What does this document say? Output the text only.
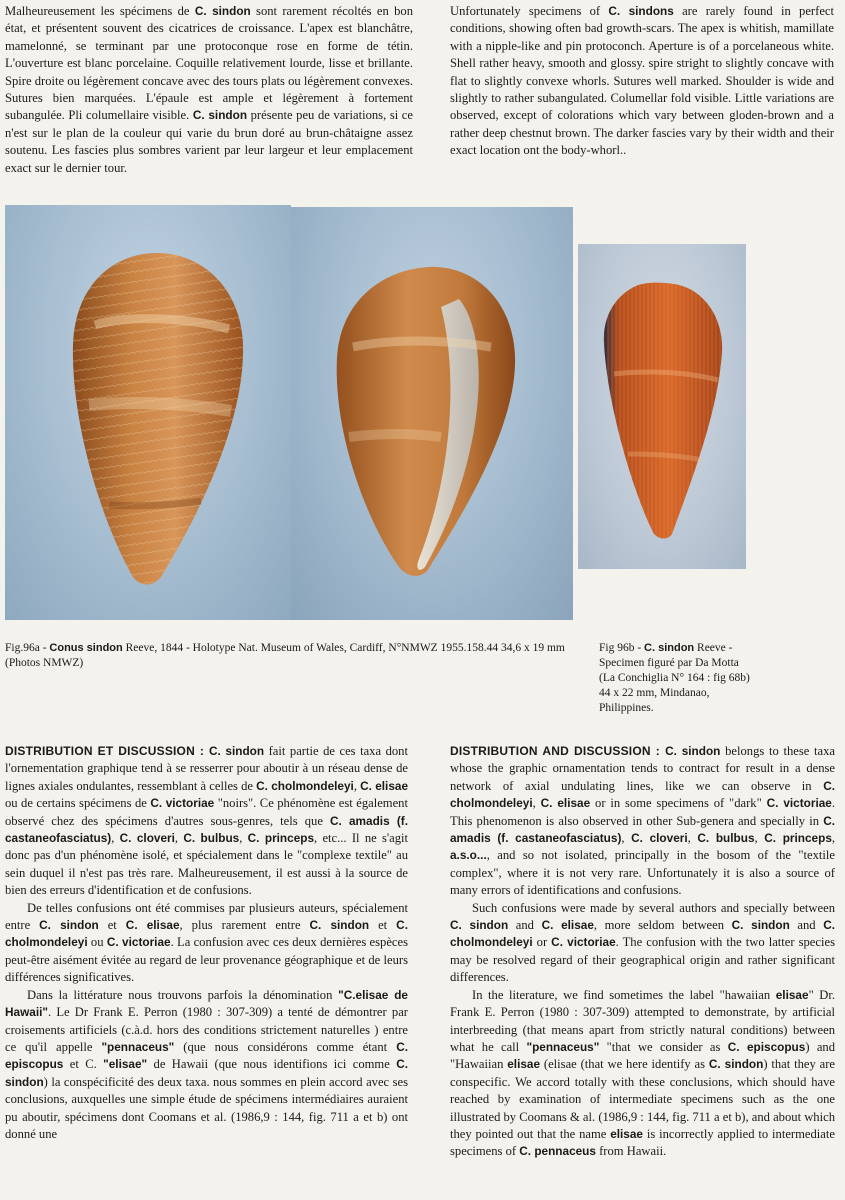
Malheureusement les spécimens de C. sindon sont rarement récoltés en bon état, et présentent souvent des cicatrices de croissance. L'apex est blanchâtre, mamelonné, se terminant par une protoconque rose en forme de tétin. L'ouverture est blanc porcelaine. Coquille relativement lourde, lisse et brillante. Spire droite ou légèrement concave avec des tours plats ou légèrement convexes. Sutures bien marquées. L'épaule est ample et légèrement à fortement subangulée. Pli columellaire visible. C. sindon présente peu de variations, si ce n'est sur le plan de la couleur qui varie du brun doré au brun-châtaigne assez soutenu. Les fascies plus sombres varient par leur largeur et leur emplacement exact sur le dernier tour.

Unfortunately specimens of C. sindons are rarely found in perfect conditions, showing often bad growth-scars. The apex is whitish, mamillate with a nipple-like and pin protoconch. Aperture is of a porcelaneous white. Shell rather heavy, smooth and glossy. spire stright to slightly concave with flat to slightly convexe whorls. Sutures well marked. Shoulder is wide and slightly to rather subangulated. Columellar fold visible. Little variations are observed, except of colorations which vary between gloden-brown and a rather deep chestnut brown. The darker fascies vary by their width and their exact location ont the body-whorl..

Fig.96a - Conus sindon Reeve, 1844 - Holotype Nat. Museum of Wales, Cardiff, N°NMWZ 1955.158.44 34,6 x 19 mm (Photos NMWZ)
Fig 96b - C. sindon Reeve -
Specimen figuré par Da Motta
(La Conchiglia N° 164 : fig 68b)
44 x 22 mm, Mindanao,
Philippines.

DISTRIBUTION ET DISCUSSION : C. sindon fait partie de ces taxa dont l'ornementation graphique tend à se resserrer pour aboutir à un réseau dense de lignes axiales ondulantes, ressemblant à celles de C. cholmondeleyi, C. elisae ou de certains spécimens de C. victoriae "noirs". Ce phénomène est également observé chez des spécimens d'autres sous-genres, tels que C. amadis (f. castaneofasciatus), C. cloveri, C. bulbus, C. princeps, etc... Il ne s'agit donc pas d'un phénomène isolé, et spécialement dans le "complexe textile" au sein duquel il n'est pas très rare. Malheureusement, il est aussi à la source de bien des erreurs d'identification et de confusions.

De telles confusions ont été commises par plusieurs auteurs, spécialement entre C. sindon et C. elisae, plus rarement entre C. sindon et C. cholmondeleyi ou C. victoriae. La confusion avec ces deux dernières espèces peut-être aisément évitée au regard de leur provenance géographique et de leurs différences significatives.

Dans la littérature nous trouvons parfois la dénomination "C.elisae de Hawaii". Le Dr Frank E. Perron (1980 : 307-309) a tenté de démontrer par croisements artificiels (c.à.d. hors des conditions strictement naturelles ) entre ce qu'il appelle "pennaceus" (que nous considérons comme étant C. episcopus et C. "elisae" de Hawaii (que nous identifions ici comme C. sindon) la conspécificité des deux taxa. nous sommes en plein accord avec ses conclusions, auxquelles une simple étude de spécimens intermédiaires auraient pu aboutir, spécimens dont Coomans et al. (1986,9 : 144, fig. 711 a et b) ont donné une

DISTRIBUTION AND DISCUSSION : C. sindon belongs to these taxa whose the graphic ornamentation tends to contract for result in a dense network of axial undulating lines, like we can observe in C. cholmondeleyi, C. elisae or in some specimens of "dark" C. victoriae. This phenomenon is also observed in other Sub-genera and specially in C. amadis (f. castaneofasciatus), C. cloveri, C. bulbus, C. princeps, a.s.o..., and so not isolated, principally in the bosom of the "textile complex", where it is not very rare. Unfortunately it is also a source of many errors of identifications and confusions.

Such confusions were made by several authors and specially between C. sindon and C. elisae, more seldom between C. sindon and C. cholmondeleyi or C. victoriae. The confusion with the two latter species may be resolved regard of their geographical origin and rather significant differences.

In the literature, we find sometimes the label "hawaiian elisae" Dr. Frank E. Perron (1980 : 307-309) attempted to demonstrate, by artificial interbreeding (that means apart from strictly natural conditions) between what he call "pennaceus" "that we consider as C. episcopus) and "Hawaiian elisae (elisae (that we here identify as C. sindon) that they are conspecific. We accord totally with these conclusions, which should have reached by examination of intermediate specimens such as the one illustrated by Coomans & al. (1986,9 : 144, fig. 711 a et b), and about which they pointed out that the name elisae is incorrectly applied to intermediate specimens of C. pennaceus from Hawaii.
